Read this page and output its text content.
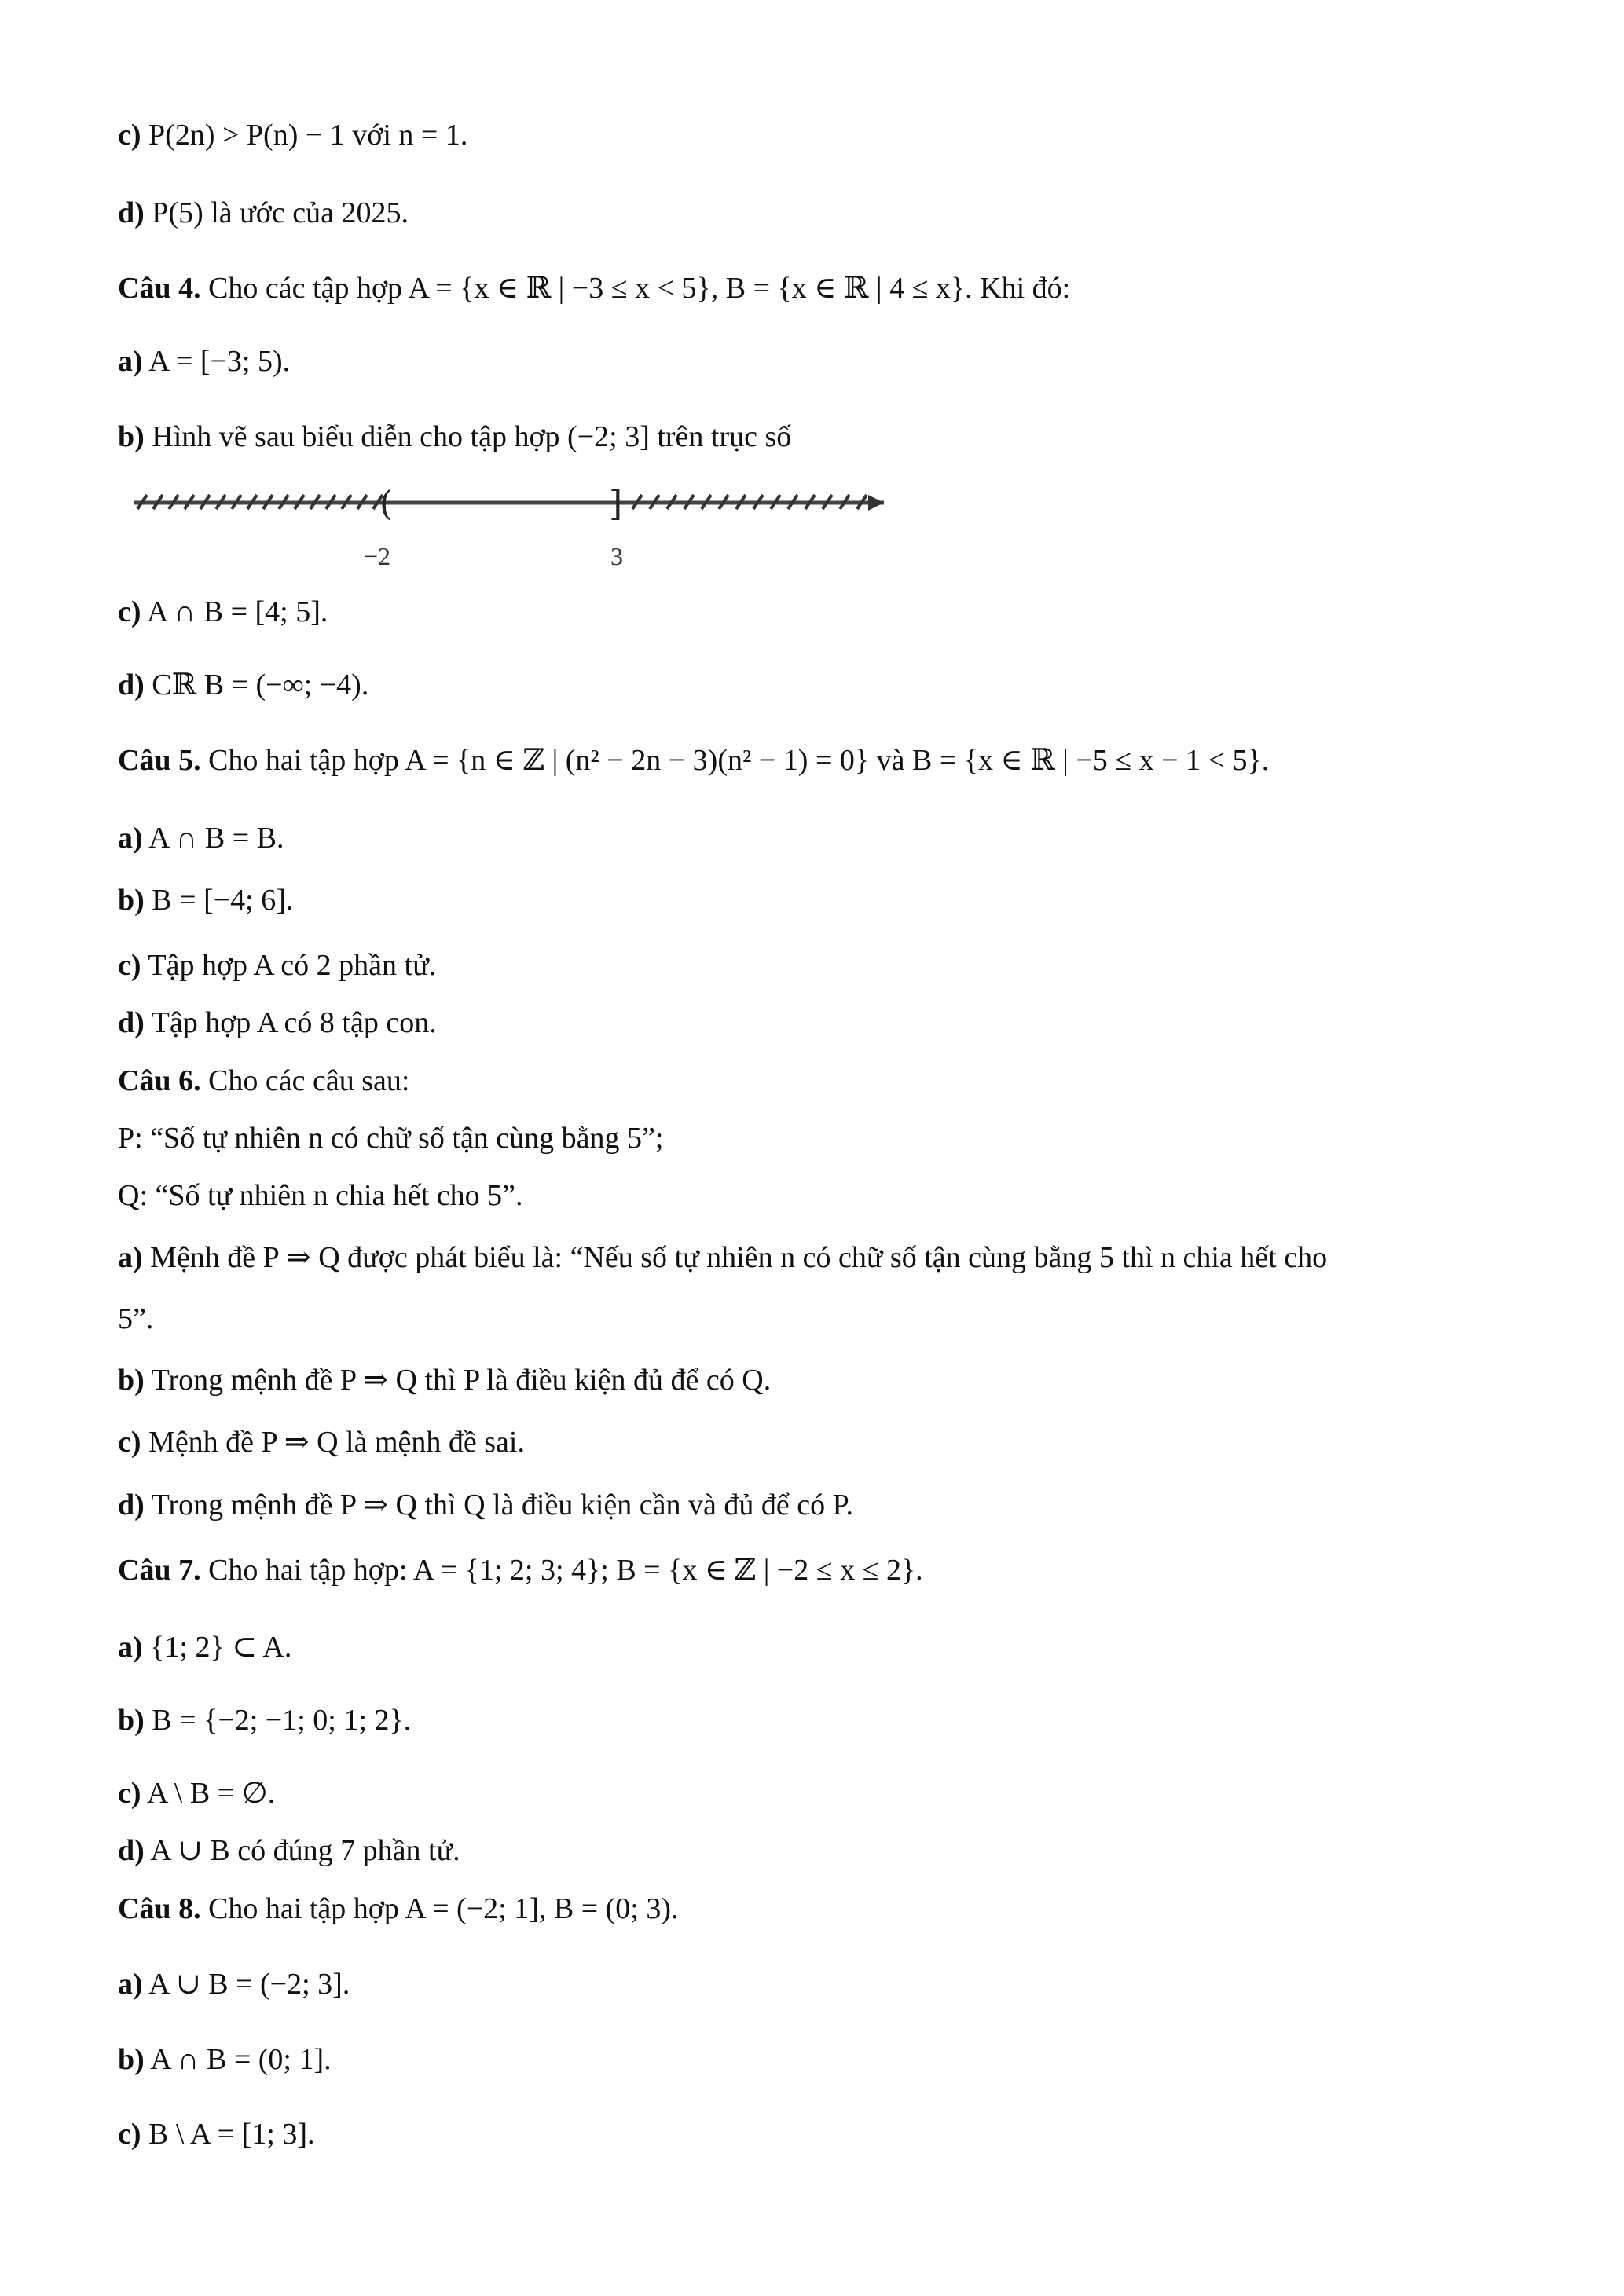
c) P(2n) > P(n) − 1 với n = 1.
d) P(5) là ước của 2025.
Câu 4. Cho các tập hợp A = {x ∈ ℝ | −3 ≤ x < 5}, B = {x ∈ ℝ | 4 ≤ x}. Khi đó:
a) A = [−3; 5).
b) Hình vẽ sau biểu diễn cho tập hợp (−2; 3] trên trục số
(	]
−2	3
c) A ∩ B = [4; 5].
d) Cℝ B = (−∞; −4).
Câu 5. Cho hai tập hợp A = {n ∈ ℤ | (n² − 2n − 3)(n² − 1) = 0} và B = {x ∈ ℝ | −5 ≤ x − 1 < 5}.
a) A ∩ B = B.
b) B = [−4; 6].
c) Tập hợp A có 2 phần tử.
d) Tập hợp A có 8 tập con.
Câu 6. Cho các câu sau:
P: “Số tự nhiên n có chữ số tận cùng bằng 5”;
Q: “Số tự nhiên n chia hết cho 5”.
a) Mệnh đề P ⇒ Q được phát biểu là: “Nếu số tự nhiên n có chữ số tận cùng bằng 5 thì n chia hết cho
5”.
b) Trong mệnh đề P ⇒ Q thì P là điều kiện đủ để có Q.
c) Mệnh đề P ⇒ Q là mệnh đề sai.
d) Trong mệnh đề P ⇒ Q thì Q là điều kiện cần và đủ để có P.
Câu 7. Cho hai tập hợp: A = {1; 2; 3; 4}; B = {x ∈ ℤ | −2 ≤ x ≤ 2}.
a) {1; 2} ⊂ A.
b) B = {−2; −1; 0; 1; 2}.
c) A \ B = ∅.
d) A ∪ B có đúng 7 phần tử.
Câu 8. Cho hai tập hợp A = (−2; 1], B = (0; 3).
a) A ∪ B = (−2; 3].
b) A ∩ B = (0; 1].
c) B \ A = [1; 3].
